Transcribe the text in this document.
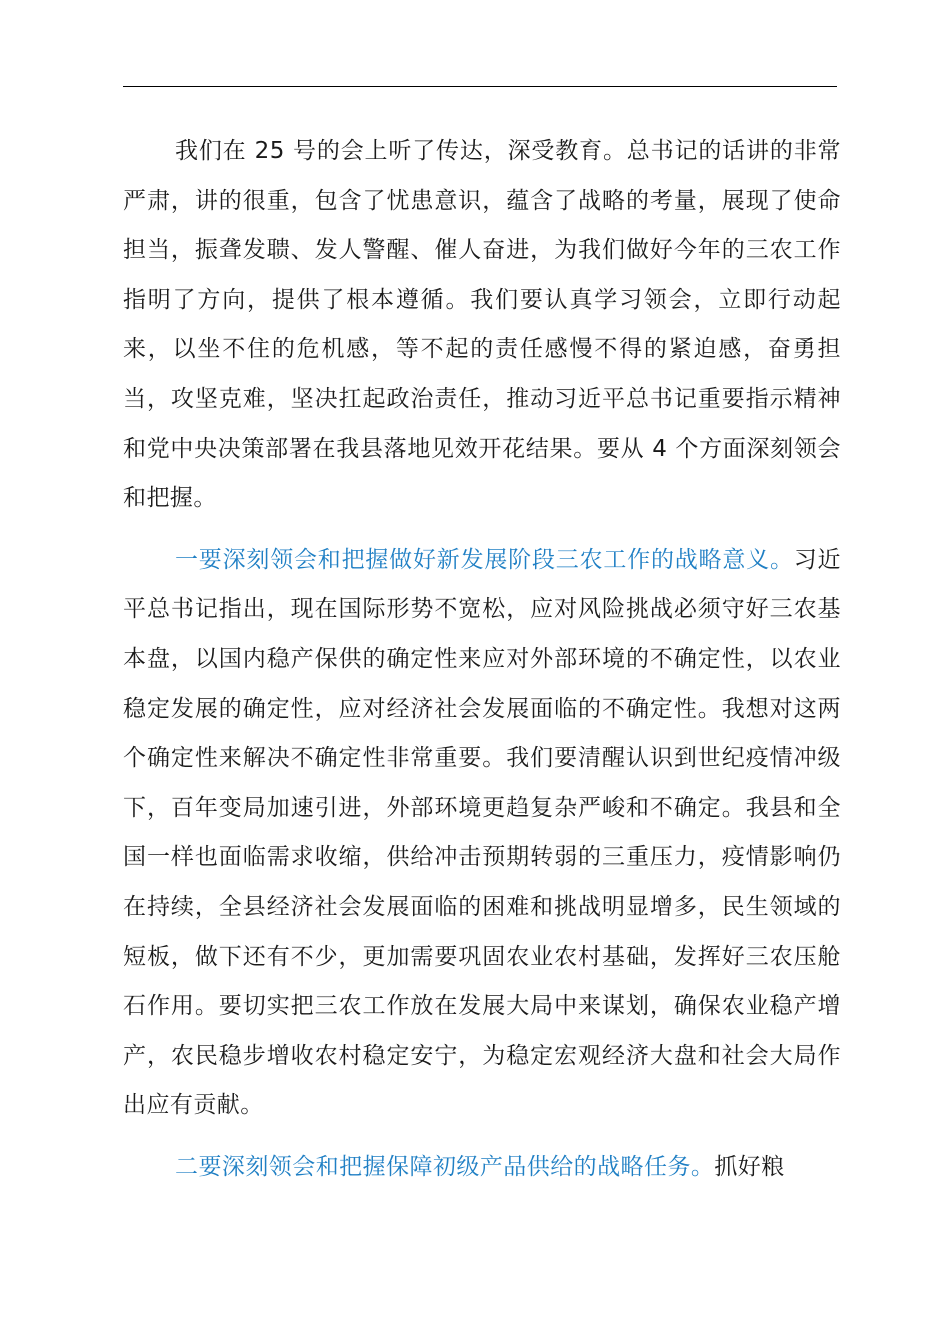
我们在 25 号的会上听了传达，深受教育。总书记的话讲的非常严肃，讲的很重，包含了忧患意识，蕴含了战略的考量，展现了使命担当，振聋发聩、发人警醒、催人奋进，为我们做好今年的三农工作指明了方向，提供了根本遵循。我们要认真学习领会，立即行动起来，以坐不住的危机感，等不起的责任感慢不得的紧迫感，奋勇担当，攻坚克难，坚决扛起政治责任，推动习近平总书记重要指示精神和党中央决策部署在我县落地见效开花结果。要从 4 个方面深刻领会和把握。

一要深刻领会和把握做好新发展阶段三农工作的战略意义。习近平总书记指出，现在国际形势不宽松，应对风险挑战必须守好三农基本盘，以国内稳产保供的确定性来应对外部环境的不确定性，以农业稳定发展的确定性，应对经济社会发展面临的不确定性。我想对这两个确定性来解决不确定性非常重要。我们要清醒认识到世纪疫情冲级下，百年变局加速引进，外部环境更趋复杂严峻和不确定。我县和全国一样也面临需求收缩，供给冲击预期转弱的三重压力，疫情影响仍在持续，全县经济社会发展面临的困难和挑战明显增多，民生领域的短板，做下还有不少，更加需要巩固农业农村基础，发挥好三农压舱石作用。要切实把三农工作放在发展大局中来谋划，确保农业稳产增产，农民稳步增收农村稳定安宁，为稳定宏观经济大盘和社会大局作出应有贡献。

二要深刻领会和把握保障初级产品供给的战略任务。抓好粮
